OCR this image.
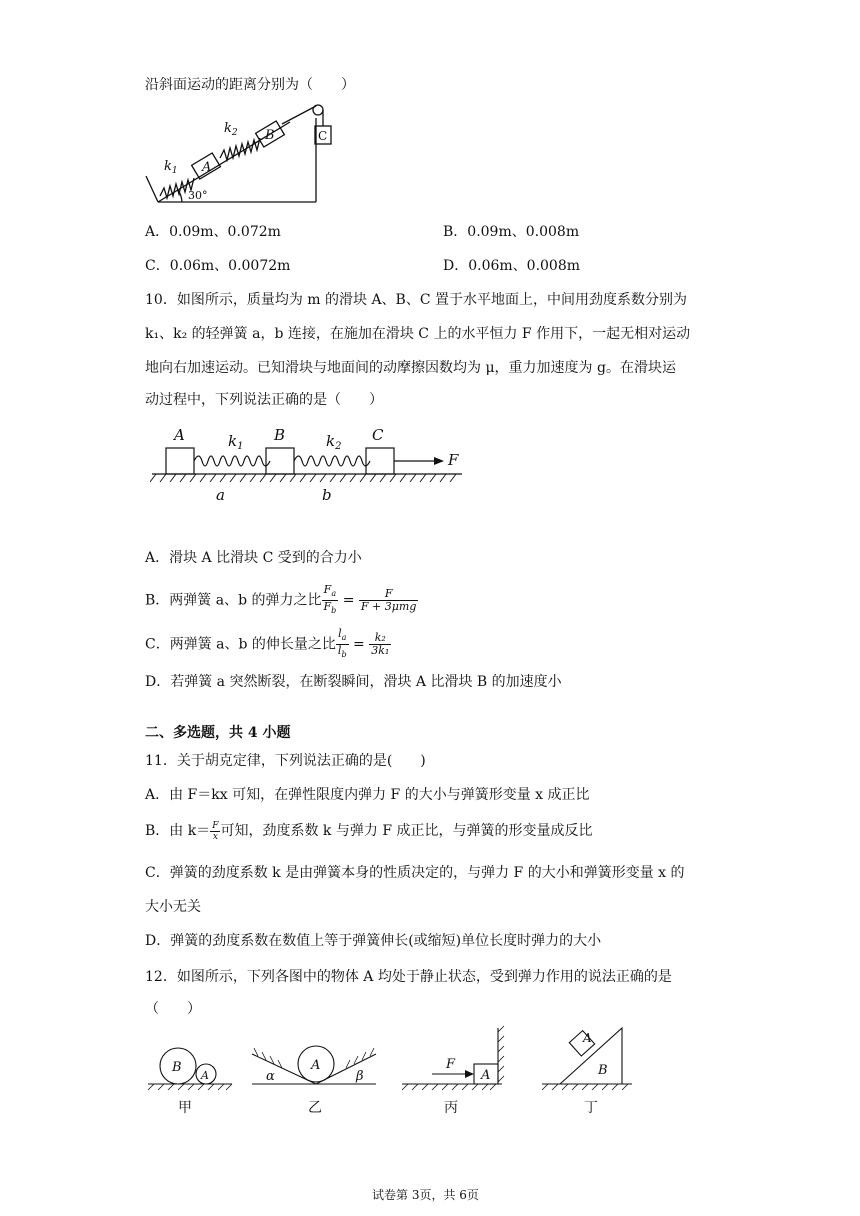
沿斜面运动的距离分别为（　　）
$k_1$
$k_2$
A
B	C
30°
A．0.09m、0.072m	B．0.09m、0.008m
C．0.06m、0.0072m	D．0.06m、0.008m
10．如图所示，质量均为 m 的滑块 A、B、C 置于水平地面上，中间用劲度系数分别为
k₁、k₂ 的轻弹簧 a，b 连接，在施加在滑块 C 上的水平恒力 F 作用下，一起无相对运动
地向右加速运动。已知滑块与地面间的动摩擦因数均为 μ，重力加速度为 g。在滑块运
动过程中，下列说法正确的是（　　）
A	B	C
$k_1$	$k_2$
a	b
F
A．滑块 A 比滑块 C 受到的合力小
B．两弹簧 a、b 的弹力之比 $\frac{F_a}{F_b} = \frac{F}{\text{F + 3μmg}}$
C．两弹簧 a、b 的伸长量之比 $\frac{l_a}{l_b} = \frac{\text{k₂}}{\text{3k₁}}$
D．若弹簧 a 突然断裂，在断裂瞬间，滑块 A 比滑块 B 的加速度小
二、多选题，共 4 小题
11．关于胡克定律，下列说法正确的是(　　)
A．由 F＝kx 可知，在弹性限度内弹力 F 的大小与弹簧形变量 x 成正比
B．由 $k= \frac{F}{x}$ 可知，劲度系数 k 与弹力 F 成正比，与弹簧的形变量成反比
C．弹簧的劲度系数 k 是由弹簧本身的性质决定的，与弹力 F 的大小和弹簧形变量 x 的
大小无关
D．弹簧的劲度系数在数值上等于弹簧伸长(或缩短)单位长度时弹力的大小
12．如图所示，下列各图中的物体 A 均处于静止状态，受到弹力作用的说法正确的是
（　　）
B
A
A
α	β
F
A
A
B
甲	乙	丙	丁
试卷第 3页，共 6页
